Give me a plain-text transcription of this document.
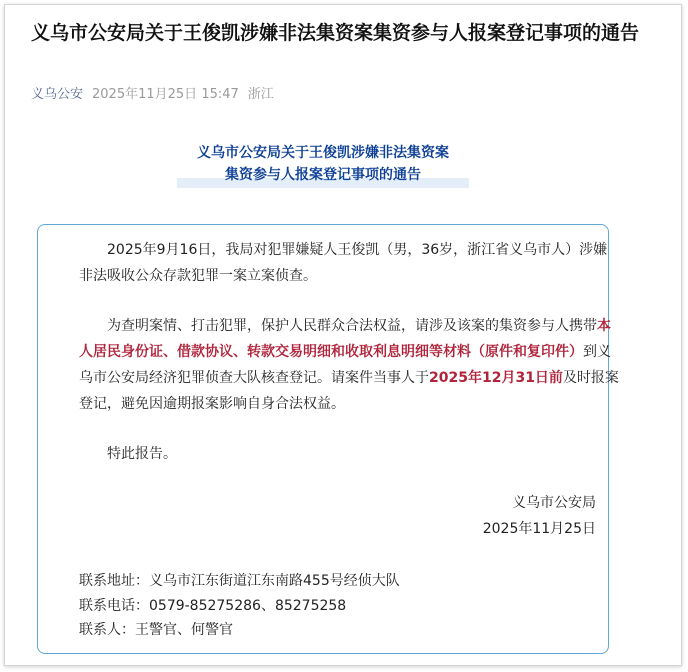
义乌市公安局关于王俊凯涉嫌非法集资案集资参与人报案登记事项的通告
义乌公安 2025年11月25日 15:47 浙江
义乌市公安局关于王俊凯涉嫌非法集资案
集资参与人报案登记事项的通告

2025年9月16日，我局对犯罪嫌疑人王俊凯（男，36岁，浙江省义乌市人）涉嫌非法吸收公众存款犯罪一案立案侦查。

为查明案情、打击犯罪，保护人民群众合法权益，请涉及该案的集资参与人携带本人居民身份证、借款协议、转款交易明细和收取利息明细等材料（原件和复印件）到义乌市公安局经济犯罪侦查大队核查登记。请案件当事人于2025年12月31日前及时报案登记，避免因逾期报案影响自身合法权益。

特此报告。

义乌市公安局
2025年11月25日
联系地址：义乌市江东街道江东南路455号经侦大队
联系电话：0579-85275286、85275258
联系人：王警官、何警官
